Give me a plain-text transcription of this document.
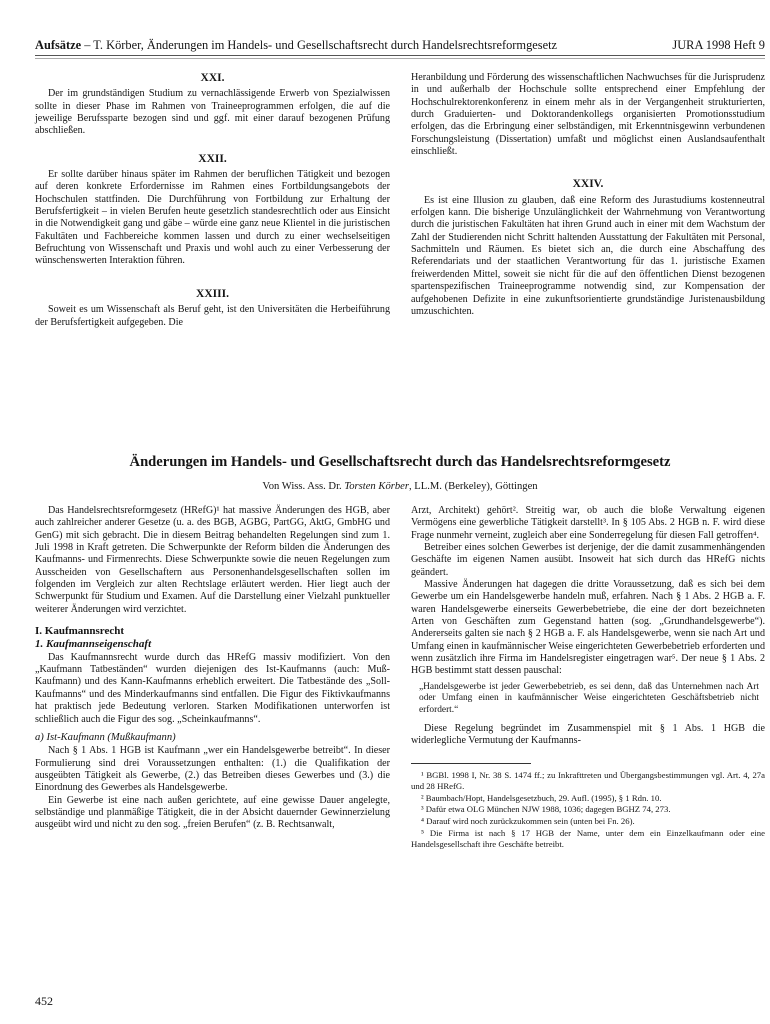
Aufsätze – T. Körber, Änderungen im Handels- und Gesellschaftsrecht durch Handelsrechtsreformgesetz	JURA 1998 Heft 9
XXI.

Der im grundständigen Studium zu vernachlässigende Erwerb von Spezialwissen sollte in dieser Phase im Rahmen von Traineeprogrammen erfolgen, die auf die jeweilige Berufssparte bezogen sind und ggf. mit einer darauf bezogenen Prüfung abschließen.

XXII.

Er sollte darüber hinaus später im Rahmen der beruflichen Tätigkeit und bezogen auf deren konkrete Erfordernisse im Rahmen eines Fortbildungsangebots der Hochschulen stattfinden. Die Durchführung von Fortbildung zur Erhaltung der Berufsfertigkeit – in vielen Berufen heute gesetzlich standesrechtlich oder aus Einsicht in die Notwendigkeit gang und gäbe – würde eine ganz neue Klientel in die juristischen Fakultäten und Fachbereiche kommen lassen und durch zu einer wechselseitigen Befruchtung von Wissenschaft und Praxis und wohl auch zu einer Verbesserung der wünschenswerten Interaktion führen.

XXIII.

Soweit es um Wissenschaft als Beruf geht, ist den Universitäten die Herbeiführung der Berufsfertigkeit aufgegeben. Die

Heranbildung und Förderung des wissenschaftlichen Nachwuchses für die Jurisprudenz in und außerhalb der Hochschule sollte entsprechend einer Empfehlung der Hochschulrektorenkonferenz in einem mehr als in der Vergangenheit strukturierten, durch Graduierten- und Doktorandenkollegs organisierten Promotionsstudium erfolgen, das die Erbringung einer selbständigen, mit Erkenntnisgewinn verbundenen Forschungsleistung (Dissertation) umfaßt und möglichst einen Auslandsaufenthalt einschließt.

XXIV.

Es ist eine Illusion zu glauben, daß eine Reform des Jurastudiums kostenneutral erfolgen kann. Die bisherige Unzulänglichkeit der Wahrnehmung von Verantwortung durch die juristischen Fakultäten hat ihren Grund auch in einer mit dem Wachstum der Zahl der Studierenden nicht Schritt haltenden Ausstattung der Fakultäten mit Personal, Sachmitteln und Räumen. Es bietet sich an, die durch eine Abschaffung des Referendariats und der staatlichen Verantwortung für das 1. juristische Examen freiwerdenden Mittel, soweit sie nicht für die auf den öffentlichen Dienst bezogenen spartenspezifischen Traineeprogramme notwendig sind, zur Kompensation der aufgehobenen Defizite in eine zukunftsorientierte grundständige Juristenausbildung umzuschichten.

Änderungen im Handels- und Gesellschaftsrecht durch das Handelsrechtsreformgesetz
Von Wiss. Ass. Dr. Torsten Körber, LL.M. (Berkeley), Göttingen

Das Handelsrechtsreformgesetz (HRefG)¹ hat massive Änderungen des HGB, aber auch zahlreicher anderer Gesetze (u. a. des BGB, AGBG, PartGG, AktG, GmbHG und GenG) mit sich gebracht. Die in diesem Beitrag behandelten Regelungen sind zum 1. Juli 1998 in Kraft getreten. Die Schwerpunkte der Reform bilden die Änderungen des Kaufmanns- und Firmenrechts. Diese Schwerpunkte sowie die neuen Regelungen zum Ausscheiden von Gesellschaftern aus Personenhandelsgesellschaften sollen im folgenden im Vergleich zur alten Rechtslage erläutert werden. Hier liegt auch der Schwerpunkt für Studium und Examen. Auf die Darstellung einer Vielzahl punktueller weiterer Änderungen wird verzichtet.

I. Kaufmannsrecht
1. Kaufmannseigenschaft

Das Kaufmannsrecht wurde durch das HRefG massiv modifiziert. Von den „Kaufmann Tatbeständen“ wurden diejenigen des Ist-Kaufmanns (auch: Muß-Kaufmann) und des Kann-Kaufmanns erheblich erweitert. Die Tatbestände des „Soll-Kaufmanns“ und des Minderkaufmanns sind entfallen. Die Figur des Fiktivkaufmanns hat praktisch jede Bedeutung verloren. Starken Modifikationen unterworfen ist schließlich auch die Figur des sog. „Scheinkaufmanns“.

a) Ist-Kaufmann (Mußkaufmann)

Nach § 1 Abs. 1 HGB ist Kaufmann „wer ein Handelsgewerbe betreibt“. In dieser Formulierung sind drei Voraussetzungen enthalten: (1.) die Qualifikation der ausgeübten Tätigkeit als Gewerbe, (2.) das Betreiben dieses Gewerbes und (3.) die Einordnung des Gewerbes als Handelsgewerbe.

Ein Gewerbe ist eine nach außen gerichtete, auf eine gewisse Dauer angelegte, selbständige und planmäßige Tätigkeit, die in der Absicht dauernder Gewinnerzielung ausgeübt wird und nicht zu den sog. „freien Berufen“ (z. B. Rechtsanwalt,

Arzt, Architekt) gehört². Streitig war, ob auch die bloße Verwaltung eigenen Vermögens eine gewerbliche Tätigkeit darstellt³. In § 105 Abs. 2 HGB n. F. wird diese Frage nunmehr verneint, zugleich aber eine Sonderregelung für diesen Fall getroffen⁴.

Betreiber eines solchen Gewerbes ist derjenige, der die damit zusammenhängenden Geschäfte im eigenen Namen ausübt. Insoweit hat sich durch das HRefG nichts geändert.

Massive Änderungen hat dagegen die dritte Voraussetzung, daß es sich bei dem Gewerbe um ein Handelsgewerbe handeln muß, erfahren. Nach § 1 Abs. 2 HGB a. F. waren Handelsgewerbe einerseits Gewerbebetriebe, die eine der dort bezeichneten Arten von Geschäften zum Gegenstand hatten (sog. „Grundhandelsgewerbe“). Andererseits galten sie nach § 2 HGB a. F. als Handelsgewerbe, wenn sie nach Art und Umfang einen in kaufmännischer Weise eingerichteten Gewerbebetrieb erforderten und wenn zusätzlich ihre Firma im Handelsregister eingetragen war⁵. Der neue § 1 Abs. 2 HGB bestimmt statt dessen pauschal:

„Handelsgewerbe ist jeder Gewerbebetrieb, es sei denn, daß das Unternehmen nach Art oder Umfang einen in kaufmännischer Weise eingerichteten Geschäftsbetrieb nicht erfordert.“

Diese Regelung begründet im Zusammenspiel mit § 1 Abs. 1 HGB die widerlegliche Vermutung der Kaufmanns-

¹ BGBl. 1998 I, Nr. 38 S. 1474 ff.; zu Inkrafttreten und Übergangsbestimmungen vgl. Art. 4, 27a und 28 HRefG.
² Baumbach/Hopt, Handelsgesetzbuch, 29. Aufl. (1995), § 1 Rdn. 10.
³ Dafür etwa OLG München NJW 1988, 1036; dagegen BGHZ 74, 273.
⁴ Darauf wird noch zurückzukommen sein (unten bei Fn. 26).
⁵ Die Firma ist nach § 17 HGB der Name, unter dem ein Einzelkaufmann oder eine Handelsgesellschaft ihre Geschäfte betreibt.
452
